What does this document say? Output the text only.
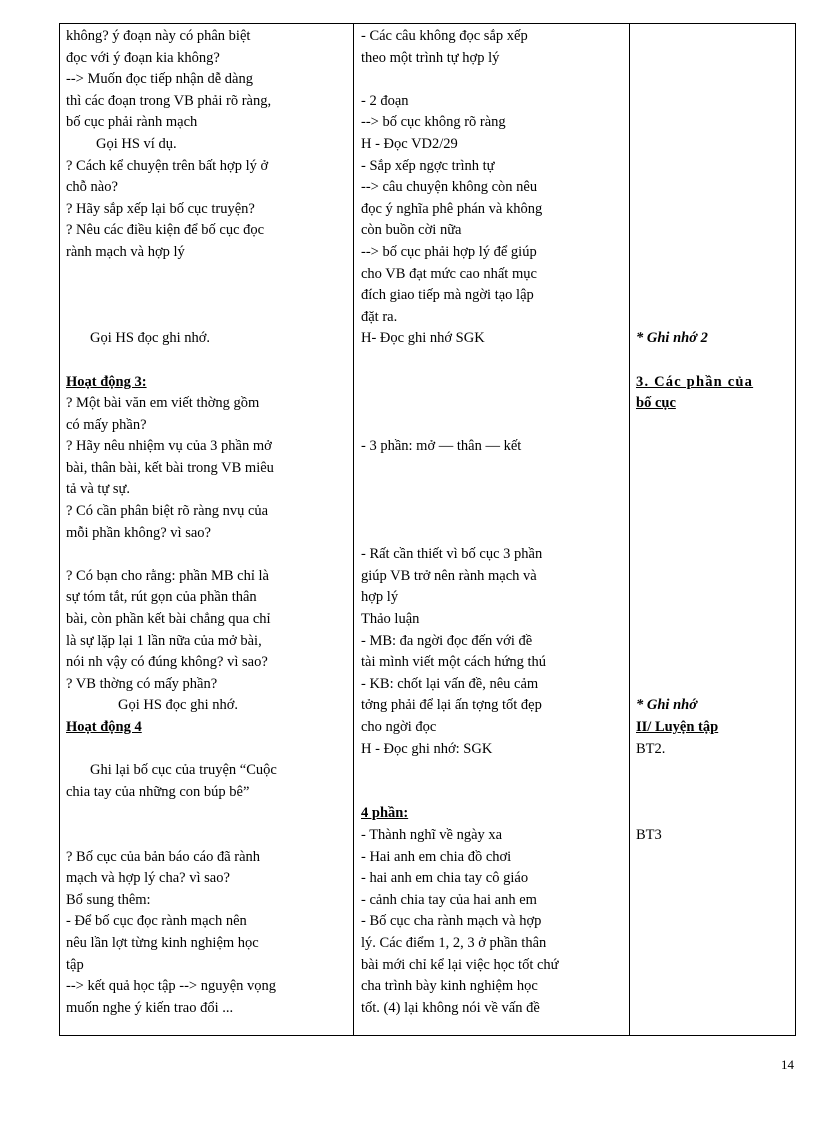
không? ý đoạn này có phân biệt
đọc với ý đoạn kia không?
--> Muốn đọc tiếp nhận dễ dàng
thì các đoạn trong VB phải rõ ràng,
bố cục phải rành mạch
Gọi HS ví dụ.
? Cách kể chuyện trên bất hợp lý ở
chỗ nào?
? Hãy sắp xếp lại bố cục truyện?
? Nêu các điều kiện để bố cục đọc
rành mạch và hợp lý
Gọi HS đọc ghi nhớ.
Hoạt động 3:
? Một bài văn em viết thờng gồm
có mấy phần?
? Hãy nêu nhiệm vụ của 3 phần mở
bài, thân bài, kết bài trong VB miêu
tả và tự sự.
? Có cần phân biệt rõ ràng nvụ của
mỗi phần không? vì sao?
? Có bạn cho rằng: phần MB chỉ là
sự tóm tắt, rút gọn của phần thân
bài, còn phần kết bài chẳng qua chỉ
là sự lặp lại 1 lần nữa của mở bài,
nói nh vậy có đúng không? vì sao?
? VB thờng có mấy phần?
Gọi HS đọc ghi nhớ.
Hoạt động 4
Ghi lại bố cục của truyện “Cuộc
chia tay của những con búp bê”
? Bố cục của bản báo cáo đã rành
mạch và hợp lý cha? vì sao?
Bổ sung thêm:
- Để bố cục đọc rành mạch nên
nêu lần lợt từng kinh nghiệm học
tập
--> kết quả học tập --> nguyện vọng
muốn nghe ý kiến trao đổi ...
- Các câu không đọc sắp xếp
theo một trình tự hợp lý
- 2 đoạn
--> bố cục không rõ ràng
H - Đọc VD2/29
- Sắp xếp ngợc trình tự
--> câu chuyện không còn nêu
đọc ý nghĩa phê phán và không
còn buồn cời nữa
--> bố cục phải hợp lý để giúp
cho VB đạt mức cao nhất mục
đích giao tiếp mà ngời tạo lập
đặt ra.
H- Đọc ghi nhớ SGK
- 3 phần: mở — thân — kết
- Rất cần thiết vì bố cục 3 phần
giúp VB trở nên rành mạch và
hợp lý
Thảo luận
- MB: đa ngời đọc đến với đề
tài mình viết một cách hứng thú
- KB: chốt lại vấn đề, nêu cảm
tởng phải để lại ấn tợng tốt đẹp
cho ngời đọc
H - Đọc ghi nhớ: SGK
4 phần:
- Thành nghĩ về ngày xa
- Hai anh em chia đồ chơi
- hai anh em chia tay cô giáo
- cảnh chia tay của hai anh em
- Bố cục cha rành mạch và hợp
lý. Các điểm 1, 2, 3 ở phần thân
bài mới chỉ kể lại việc học tốt chứ
cha trình bày kinh nghiệm học
tốt. (4) lại không nói về vấn đề
* Ghi nhớ 2
3. Các phần của
bố cục
* Ghi nhớ
II/ Luyện tập
BT2.
BT3
14
